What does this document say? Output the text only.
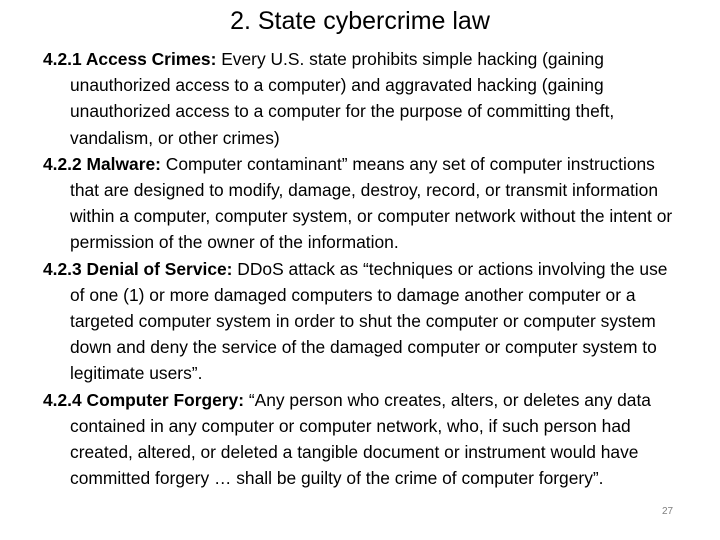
2. State cybercrime law

4.2.1 Access Crimes: Every U.S. state prohibits simple hacking (gaining unauthorized access to a computer) and aggravated hacking (gaining unauthorized access to a computer for the purpose of committing theft, vandalism, or other crimes)

4.2.2 Malware: Computer contaminant” means any set of computer instructions that are designed to modify, damage, destroy, record, or transmit information within a computer, computer system, or computer network without the intent or permission of the owner of the information.

4.2.3 Denial of Service: DDoS attack as “techniques or actions involving the use of one (1) or more damaged computers to damage another computer or a targeted computer system in order to shut the computer or computer system down and deny the service of the damaged computer or computer system to legitimate users”.

4.2.4 Computer Forgery: “Any person who creates, alters, or deletes any data contained in any computer or computer network, who, if such person had created, altered, or deleted a tangible document or instrument would have committed forgery … shall be guilty of the crime of computer forgery”.

27
